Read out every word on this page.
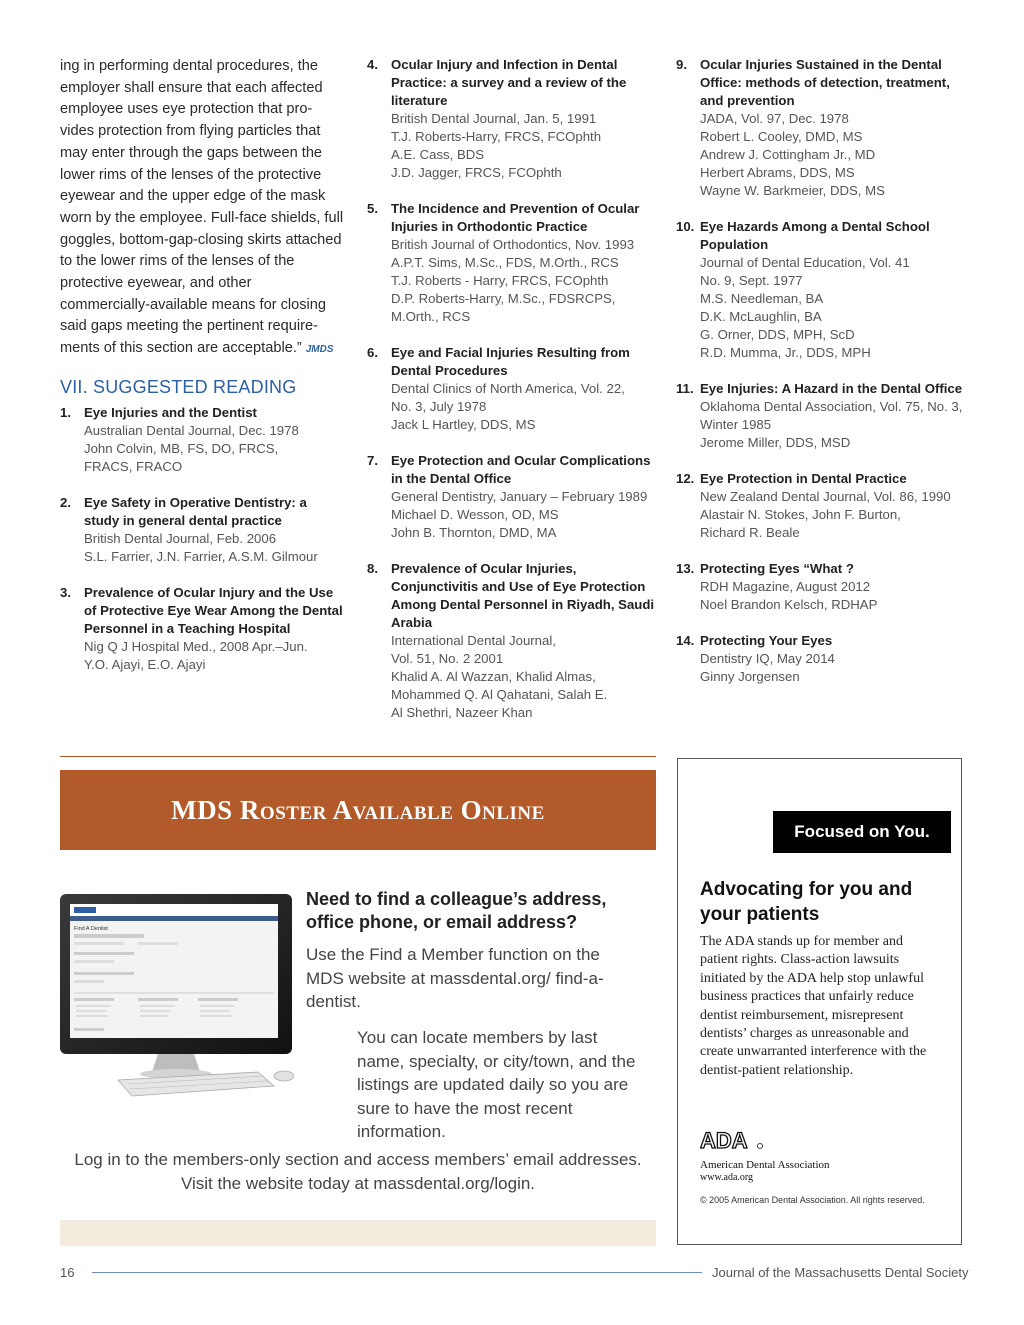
ing in performing dental procedures, the employer shall ensure that each affected employee uses eye protection that pro-vides protection from flying particles that may enter through the gaps between the lower rims of the lenses of the protective eyewear and the upper edge of the mask worn by the employee. Full-face shields, full goggles, bottom-gap-closing skirts attached to the lower rims of the lenses of the protective eyewear, and other commercially-available means for closing said gaps meeting the pertinent require-ments of this section are acceptable.” JMDS

VII. SUGGESTED READING
1. Eye Injuries and the Dentist
Australian Dental Journal, Dec. 1978
John Colvin, MB, FS, DO, FRCS,
FRACS, FRACO
2. Eye Safety in Operative Dentistry: a study in general dental practice
British Dental Journal, Feb. 2006
S.L. Farrier, J.N. Farrier, A.S.M. Gilmour
3. Prevalence of Ocular Injury and the Use of Protective Eye Wear Among the Dental Personnel in a Teaching Hospital
Nig Q J Hospital Med., 2008 Apr.–Jun.
Y.O. Ajayi, E.O. Ajayi
4. Ocular Injury and Infection in Dental Practice: a survey and a review of the literature
British Dental Journal, Jan. 5, 1991
T.J. Roberts-Harry, FRCS, FCOphth
A.E. Cass, BDS
J.D. Jagger, FRCS, FCOphth
5. The Incidence and Prevention of Ocular Injuries in Orthodontic Practice
British Journal of Orthodontics, Nov. 1993
A.P.T. Sims, M.Sc., FDS, M.Orth., RCS
T.J. Roberts - Harry, FRCS, FCOphth
D.P. Roberts-Harry, M.Sc., FDSRCPS,
M.Orth., RCS
6. Eye and Facial Injuries Resulting from Dental Procedures
Dental Clinics of North America, Vol. 22,
No. 3, July 1978
Jack L Hartley, DDS, MS
7. Eye Protection and Ocular Complications in the Dental Office
General Dentistry, January – February 1989
Michael D. Wesson, OD, MS
John B. Thornton, DMD, MA
8. Prevalence of Ocular Injuries, Conjunctivitis and Use of Eye Protection Among Dental Personnel in Riyadh, Saudi Arabia
International Dental Journal,
Vol. 51, No. 2 2001
Khalid A. Al Wazzan, Khalid Almas,
Mohammed Q. Al Qahatani, Salah E.
Al Shethri, Nazeer Khan
9. Ocular Injuries Sustained in the Dental Office: methods of detection, treatment, and prevention
JADA, Vol. 97, Dec. 1978
Robert L. Cooley, DMD, MS
Andrew J. Cottingham Jr., MD
Herbert Abrams, DDS, MS
Wayne W. Barkmeier, DDS, MS
10. Eye Hazards Among a Dental School Population
Journal of Dental Education, Vol. 41
No. 9, Sept. 1977
M.S. Needleman, BA
D.K. McLaughlin, BA
G. Orner, DDS, MPH, ScD
R.D. Mumma, Jr., DDS, MPH
11. Eye Injuries: A Hazard in the Dental Office
Oklahoma Dental Association, Vol. 75, No. 3,
Winter 1985
Jerome Miller, DDS, MSD
12. Eye Protection in Dental Practice
New Zealand Dental Journal, Vol. 86, 1990
Alastair N. Stokes, John F. Burton,
Richard R. Beale
13. Protecting Eyes “What ?
RDH Magazine, August 2012
Noel Brandon Kelsch, RDHAP
14. Protecting Your Eyes
Dentistry IQ, May 2014
Ginny Jorgensen
MDS Roster Available Online
Find A Dentist
Need to find a colleague’s address, office phone, or email address?
Use the Find a Member function on the MDS website at massdental.org/ find-a-dentist.
You can locate members by last name, specialty, or city/town, and the listings are updated daily so you are sure to have the most recent information.
Log in to the members-only section and access members’ email addresses.
Visit the website today at massdental.org/login.
Focused on You.
Advocating for you and your patients
The ADA stands up for member and patient rights. Class-action lawsuits initiated by the ADA help stop unlawful business practices that unfairly reduce dentist reimbursement, misrepresent dentists’ charges as unreasonable and create unwarranted interference with the dentist-patient relationship.
ADA
American Dental Association
www.ada.org
© 2005 American Dental Association. All rights reserved.
16	Journal of the Massachusetts Dental Society
